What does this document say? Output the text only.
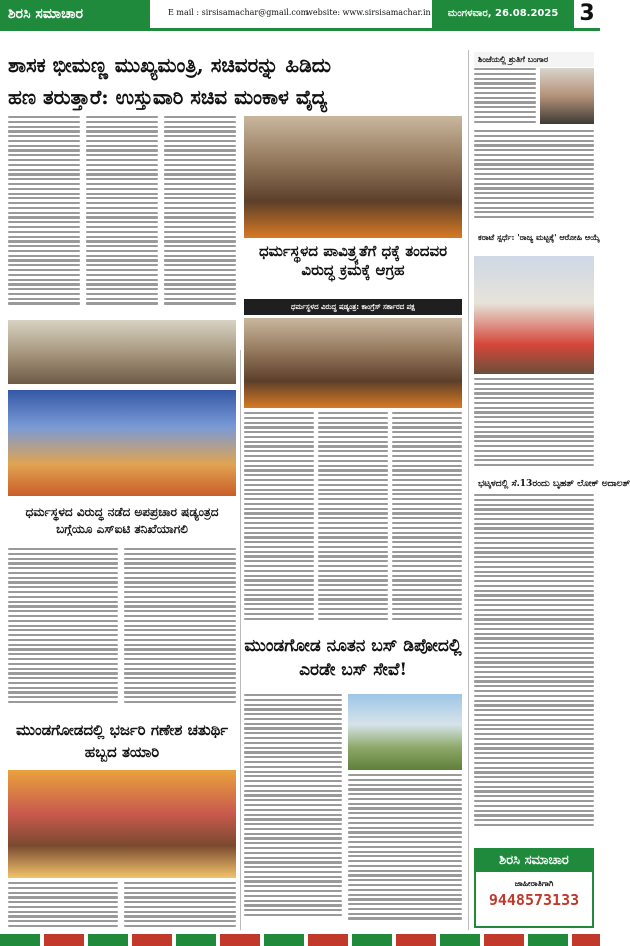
ಶಿರಸಿ ಸಮಾಚಾರ	E mail : sirsisamachar@gmail.com
website: www.sirsisamachar.in	ಮಂಗಳವಾರ, 26.08.2025 3
ಶಾಸಕ ಭೀಮಣ್ಣ ಮುಖ್ಯಮಂತ್ರಿ, ಸಚಿವರನ್ನು ಹಿಡಿದು
ಹಣ ತರುತ್ತಾರೆ: ಉಸ್ತುವಾರಿ ಸಚಿವ ಮಂಕಾಳ ವೈದ್ಯ
ಧರ್ಮಸ್ಥಳದ ಪಾವಿತ್ರ್ಯತೆಗೆ ಧಕ್ಕೆ ತಂದವರ ವಿರುದ್ಧ ಕ್ರಮಕ್ಕೆ ಆಗ್ರಹ
ಧರ್ಮಸ್ಥಳದ ವಿರುದ್ಧ ಷಡ್ಯಂತ್ರ: ಕಾಂಗ್ರೆಸ್ ಸರ್ಕಾರದ ಪಕ್ಷ
ಧರ್ಮಸ್ಥಳದ ವಿರುದ್ಧ ನಡೆದ ಅಪಪ್ರಚಾರ ಷಡ್ಯಂತ್ರದ ಬಗ್ಗೆಯೂ ಎಸ್‌ಐಟಿ ತನಿಖೆಯಾಗಲಿ
ಮುಂಡಗೋಡದಲ್ಲಿ ಭರ್ಜರಿ ಗಣೇಶ ಚತುರ್ಥಿ ಹಬ್ಬದ ತಯಾರಿ
ಮುಂಡಗೋಡ ನೂತನ ಬಸ್ ಡಿಪೋದಲ್ಲಿ ಎರಡೇ ಬಸ್ ಸೇವೆ!
ಶಿಂಜೆಯಲ್ಲಿ ಶ್ರುತಿಗೆ ಬಂಗಾರ
ಕರಾಟೆ ಸ್ಪರ್ಧೆ: 'ರಾಜ್ಯ ಮಟ್ಟಕ್ಕೆ' ಆರೋಹಿ ಆಯ್ಕೆ
ಭಟ್ಕಳದಲ್ಲಿ ಸೆ.13ರಂದು ಬೃಹತ್ ಲೋಕ್ ಅದಾಲತ್
ಶಿರಸಿ ಸಮಾಚಾರ
ಜಾಹೀರಾತಿಗಾಗಿ
9448573133
